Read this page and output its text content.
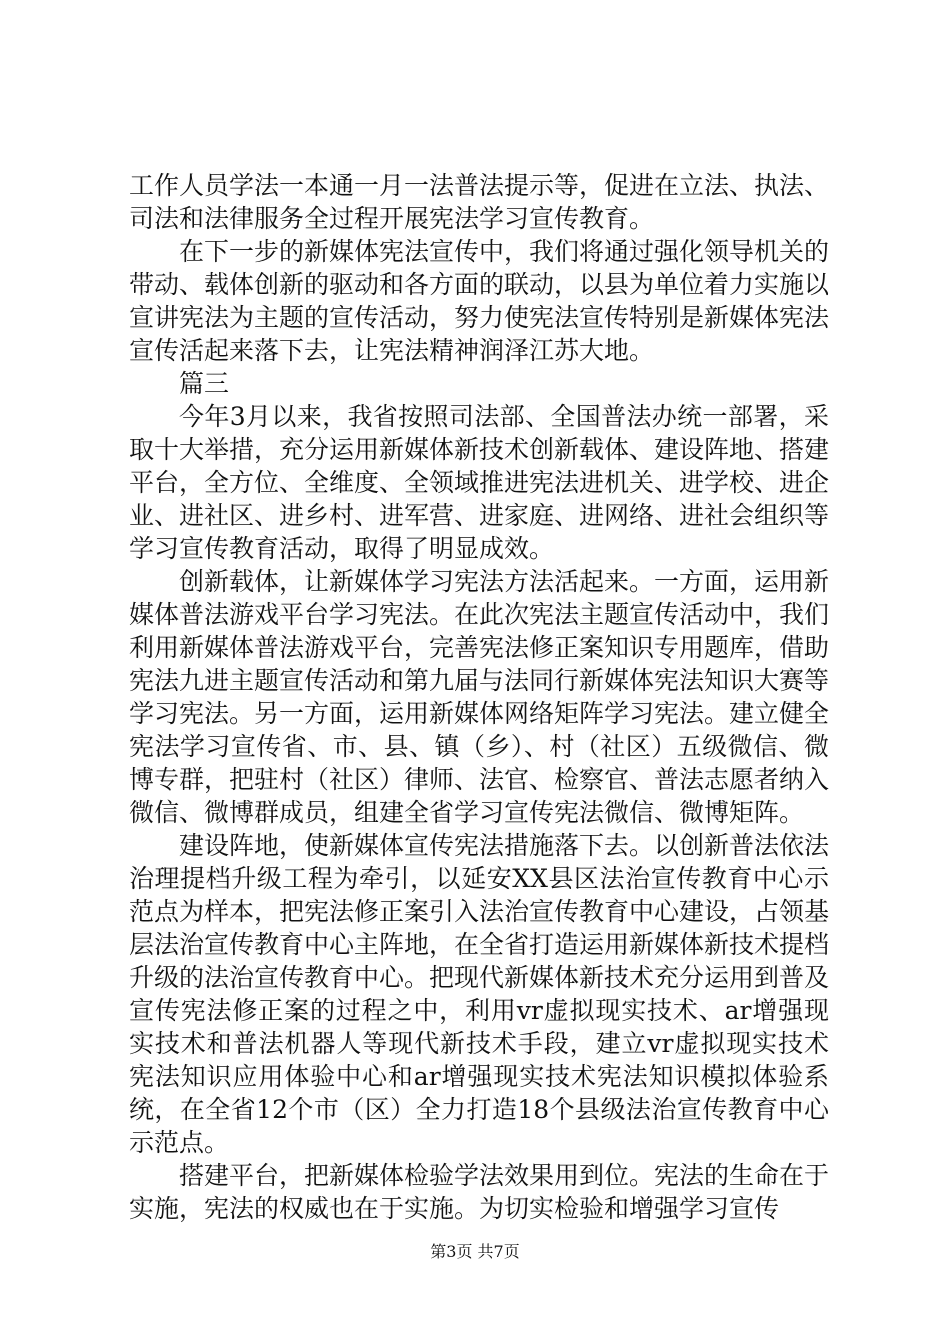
工作人员学法一本通一月一法普法提示等，促进在立法、执法、司法和法律服务全过程开展宪法学习宣传教育。

在下一步的新媒体宪法宣传中，我们将通过强化领导机关的带动、载体创新的驱动和各方面的联动，以县为单位着力实施以宣讲宪法为主题的宣传活动，努力使宪法宣传特别是新媒体宪法宣传活起来落下去，让宪法精神润泽江苏大地。

篇三

今年3月以来，我省按照司法部、全国普法办统一部署，采取十大举措，充分运用新媒体新技术创新载体、建设阵地、搭建平台，全方位、全维度、全领域推进宪法进机关、进学校、进企业、进社区、进乡村、进军营、进家庭、进网络、进社会组织等学习宣传教育活动，取得了明显成效。

创新载体，让新媒体学习宪法方法活起来。一方面，运用新媒体普法游戏平台学习宪法。在此次宪法主题宣传活动中，我们利用新媒体普法游戏平台，完善宪法修正案知识专用题库，借助宪法九进主题宣传活动和第九届与法同行新媒体宪法知识大赛等学习宪法。另一方面，运用新媒体网络矩阵学习宪法。建立健全宪法学习宣传省、市、县、镇（乡）、村（社区）五级微信、微博专群，把驻村（社区）律师、法官、检察官、普法志愿者纳入微信、微博群成员，组建全省学习宣传宪法微信、微博矩阵。

建设阵地，使新媒体宣传宪法措施落下去。以创新普法依法治理提档升级工程为牵引，以延安XX县区法治宣传教育中心示范点为样本，把宪法修正案引入法治宣传教育中心建设，占领基层法治宣传教育中心主阵地，在全省打造运用新媒体新技术提档升级的法治宣传教育中心。把现代新媒体新技术充分运用到普及宣传宪法修正案的过程之中，利用vr虚拟现实技术、ar增强现实技术和普法机器人等现代新技术手段，建立vr虚拟现实技术宪法知识应用体验中心和ar增强现实技术宪法知识模拟体验系统，在全省12个市（区）全力打造18个县级法治宣传教育中心示范点。

搭建平台，把新媒体检验学法效果用到位。宪法的生命在于实施，宪法的权威也在于实施。为切实检验和增强学习宣传

第3页 共7页
